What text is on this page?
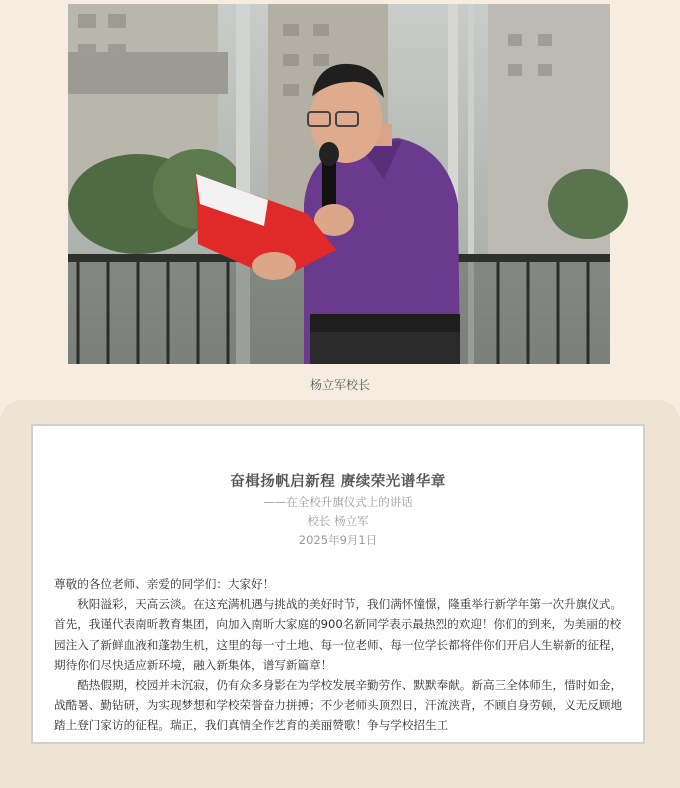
杨立军校长
奋楫扬帆启新程 赓续荣光谱华章
——在全校升旗仪式上的讲话
校长 杨立军
2025年9月1日

尊敬的各位老师、亲爱的同学们：大家好！

秋阳溢彩，天高云淡。在这充满机遇与挑战的美好时节，我们满怀憧憬，隆重举行新学年第一次升旗仪式。首先，我谨代表南昕教育集团，向加入南昕大家庭的900名新同学表示最热烈的欢迎！你们的到来，为美丽的校园注入了新鲜血液和蓬勃生机，这里的每一寸土地、每一位老师、每一位学长都将伴你们开启人生崭新的征程，期待你们尽快适应新环境，融入新集体，谱写新篇章！

酷热假期，校园并未沉寂，仍有众多身影在为学校发展辛勤劳作、默默奉献。新高三全体师生，惜时如金，战酷暑、勤钻研，为实现梦想和学校荣誉奋力拼搏；不少老师头顶烈日，汗流浃背，不顾自身劳顿，义无反顾地踏上登门家访的征程。瑞正，我们真情全作艺育的美丽赞歌！争与学校招生工
